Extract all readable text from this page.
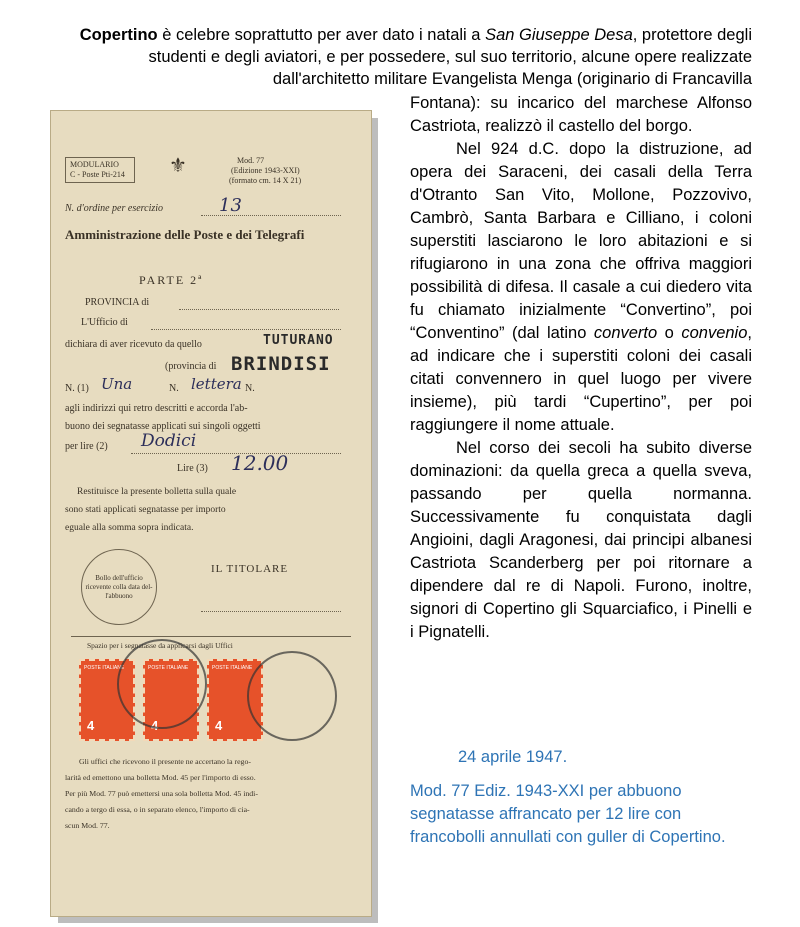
Copertino è celebre soprattutto per aver dato i natali a San Giuseppe Desa, protettore degli studenti e degli aviatori, e per possedere, sul suo territorio, alcune opere realizzate dall'architetto militare Evangelista Menga (originario di Francavilla

Fontana): su incarico del marchese Alfonso Castriota, realizzò il castello del borgo.

Nel 924 d.C. dopo la distruzione, ad opera dei Saraceni, dei casali della Terra d'Otranto San Vito, Mollone, Pozzovivo, Cambrò, Santa Barbara e Cilliano, i coloni superstiti lasciarono le loro abitazioni e si rifugiarono in una zona che offriva maggiori possibilità di difesa. Il casale a cui diedero vita fu chiamato inizialmente “Convertino”, poi “Conventino” (dal latino converto o convenio, ad indicare che i superstiti coloni dei casali citati convennero in quel luogo per vivere insieme), più tardi “Cupertino”, per poi raggiungere il nome attuale.

Nel corso dei secoli ha subito diverse dominazioni: da quella greca a quella sveva, passando per quella normanna. Successivamente fu conquistata dagli Angioini, dagli Aragonesi, dai principi albanesi Castriota Scanderberg per poi ritornare a dipendere dal re di Napoli. Furono, inoltre, signori di Copertino gli Squarciafico, i Pinelli e i Pignatelli.

24 aprile 1947.
Mod. 77 Ediz. 1943-XXI per abbuono segnatasse affrancato per 12 lire con francobolli annullati con guller di Copertino.
MODULARIO
C - Poste Pti-214 ⚜	Mod. 77
(Edizione 1943-XXI)
(formato cm. 14 X 21)
N. d'ordine per esercizio	13
Amministrazione delle Poste e dei Telegrafi
PARTE 2ª
PROVINCIA di
L'Ufficio di
dichiara di aver ricevuto da quello	TUTURANO
(provincia di BRINDISI
N. (1) Una	N. lettera N.
agli indirizzi qui retro descritti e accorda l'ab-
buono dei segnatasse applicati sui singoli oggetti
per lire (2) Dodici
Lire (3) 12.00
Restituisce la presente bolletta sulla quale
sono stati applicati segnatasse per importo
eguale alla somma sopra indicata.
Bollo dell'ufficio ricevente colla data del- l'abbuono
IL TITOLARE
Spazio per i segnatasse da applicarsi dagli Uffici
POSTE ITALIANE
4
POSTE ITALIANE
4
POSTE ITALIANE
4
Gli uffici che ricevono il presente ne accertano la rego-
larità ed emettono una bolletta Mod. 45 per l'importo di esso.
Per più Mod. 77 può emettersi una sola bolletta Mod. 45 indi-
cando a tergo di essa, o in separato elenco, l'importo di cia-
scun Mod. 77.
